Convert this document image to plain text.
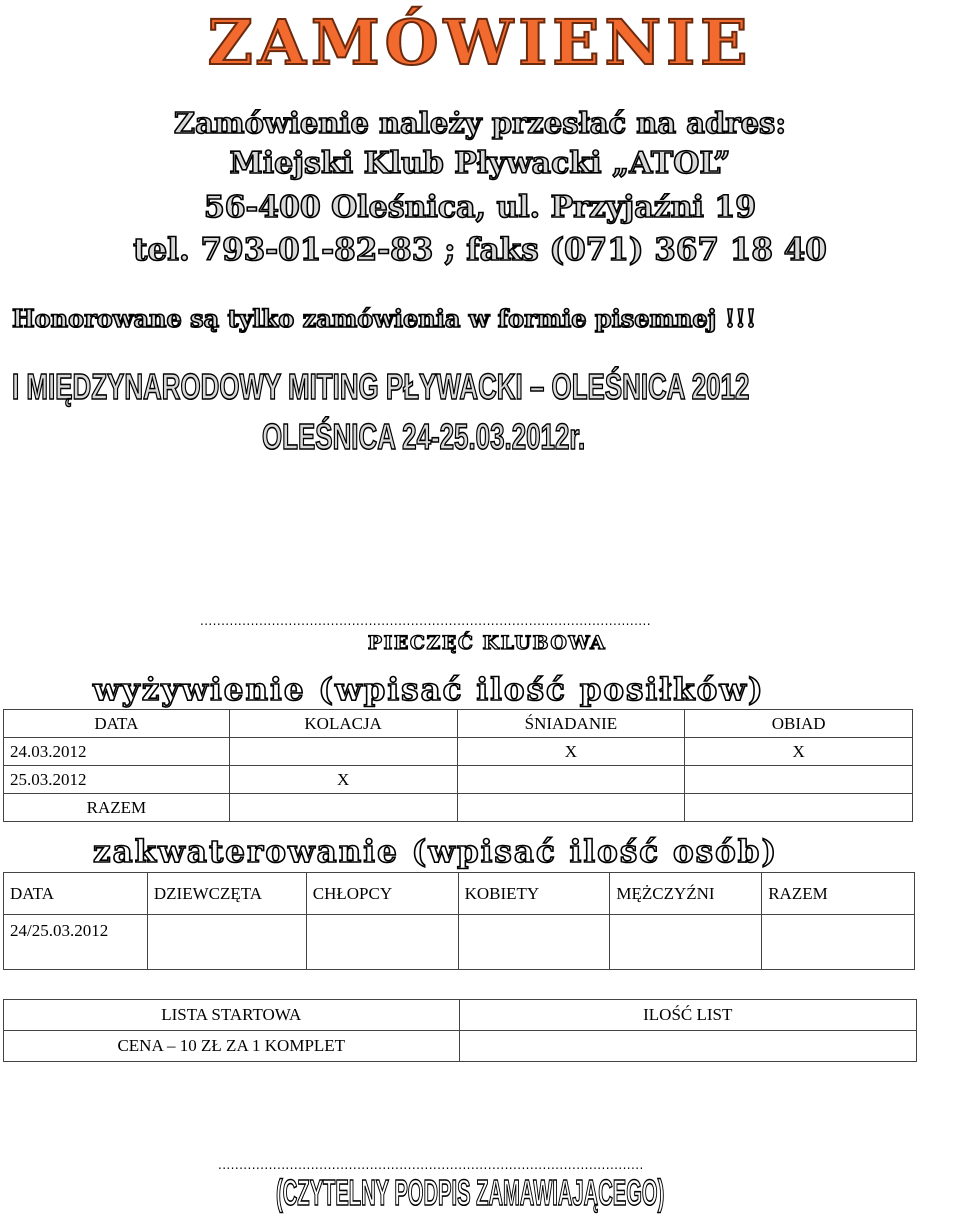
ZAMÓWIENIE
Zamówienie należy przesłać na adres:
Miejski Klub Pływacki „ATOL”
56-400 Oleśnica, ul. Przyjaźni 19
tel. 793-01-82-83 ; faks (071) 367 18 40
Honorowane są tylko zamówienia w formie pisemnej !!!
I MIĘDZYNARODOWY MITING PŁYWACKI – OLEŚNICA 2012
OLEŚNICA 24-25.03.2012r.
...........................................................................................................
PIECZĘĆ KLUBOWA
wyżywienie (wpisać ilość posiłków)
DATA	KOLACJA	ŚNIADANIE	OBIAD
24.03.2012		X	X
25.03.2012	X		
RAZEM			
zakwaterowanie (wpisać ilość osób)
DATA	DZIEWCZĘTA	CHŁOPCY	KOBIETY	MĘŻCZYŹNI	RAZEM
24/25.03.2012					
LISTA STARTOWA	ILOŚĆ LIST
CENA – 10 ZŁ ZA 1 KOMPLET	
.....................................................................................................
(CZYTELNY PODPIS ZAMAWIAJĄCEGO)
